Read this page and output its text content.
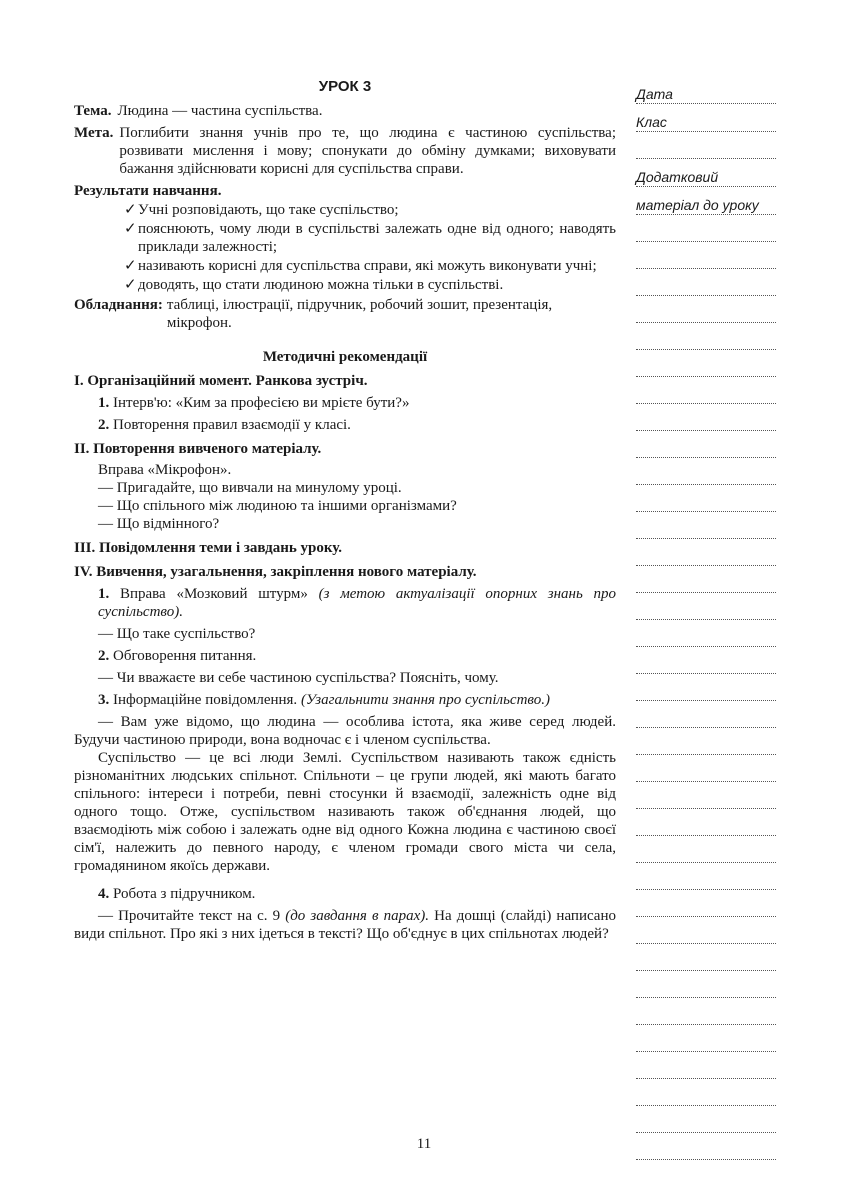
УРОК 3
Тема. Людина — частина суспільства.
Мета. Поглибити знання учнів про те, що людина є частиною суспільства; розвивати мислення і мову; спонукати до обміну думками; виховувати бажання здійснювати корисні для суспільства справи.
Результати навчання.
✓ Учні розповідають, що таке суспільство;
✓ пояснюють, чому люди в суспільстві залежать одне від одного; наводять приклади залежності;
✓ називають корисні для суспільства справи, які можуть виконувати учні;
✓ доводять, що стати людиною можна тільки в суспільстві.
Обладнання: таблиці, ілюстрації, підручник, робочий зошит, презентація, мікрофон.
Методичні рекомендації
І. Організаційний момент. Ранкова зустріч.
1. Інтерв'ю: «Ким за професією ви мрієте бути?»
2. Повторення правил взаємодії у класі.
ІІ. Повторення вивченого матеріалу.
Вправа «Мікрофон».
— Пригадайте, що вивчали на минулому уроці.
— Що спільного між людиною та іншими організмами?
— Що відмінного?
ІІІ. Повідомлення теми і завдань уроку.
IV. Вивчення, узагальнення, закріплення нового матеріалу.
1. Вправа «Мозковий штурм» (з метою актуалізації опорних знань про суспільство).
— Що таке суспільство?
2. Обговорення питання.
— Чи вважаєте ви себе частиною суспільства? Поясніть, чому.
3. Інформаційне повідомлення. (Узагальнити знання про суспільство.)

— Вам уже відомо, що людина — особлива істота, яка живе серед людей. Будучи частиною природи, вона водночас є і членом суспільства.

Суспільство — це всі люди Землі. Суспільством називають також єдність різноманітних людських спільнот. Спільноти – це групи людей, які мають багато спільного: інтереси і потреби, певні стосунки й взаємодії, залежність одне від одного тощо. Отже, суспільством називають також об'єднання людей, що взаємодіють між собою і залежать одне від одного Кожна людина є частиною своєї сім'ї, належить до певного народу, є членом громади свого міста чи села, громадянином якоїсь держави.

4. Робота з підручником.

— Прочитайте текст на с. 9 (до завдання в парах). На дошці (слайді) написано види спільнот. Про які з них ідеться в тексті? Що об'єднує в цих спільнотах людей?

Дата
Клас
Додатковий
матеріал до уроку
11
